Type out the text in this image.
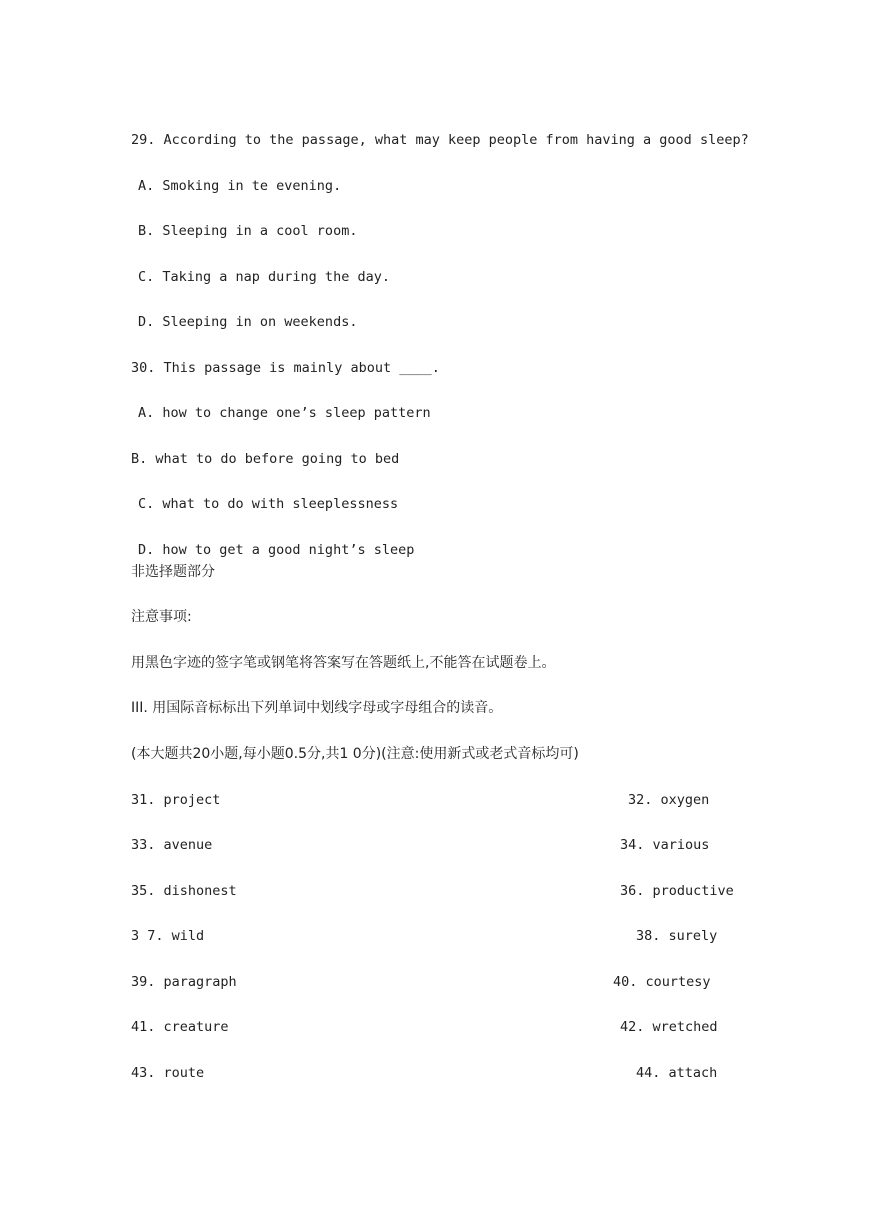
29. According to the passage, what may keep people from having a good sleep?
A. Smoking in te evening.
B. Sleeping in a cool room.
C. Taking a nap during the day.
D. Sleeping in on weekends.
30. This passage is mainly about ____.
A. how to change one’s sleep pattern
B. what to do before going to bed
C. what to do with sleeplessness
D. how to get a good night’s sleep
非选择题部分
注意事项:
用黑色字迹的签字笔或钢笔将答案写在答题纸上,不能答在试题卷上。
III. 用国际音标标出下列单词中划线字母或字母组合的读音。
(本大题共20小题,每小题0.5分,共1 0分)(注意:使用新式或老式音标均可)
31. project	32. oxygen
33. avenue	34. various
35. dishonest	36. productive
3 7. wild	38. surely
39. paragraph	40. courtesy
41. creature	42. wretched
43. route	44. attach
